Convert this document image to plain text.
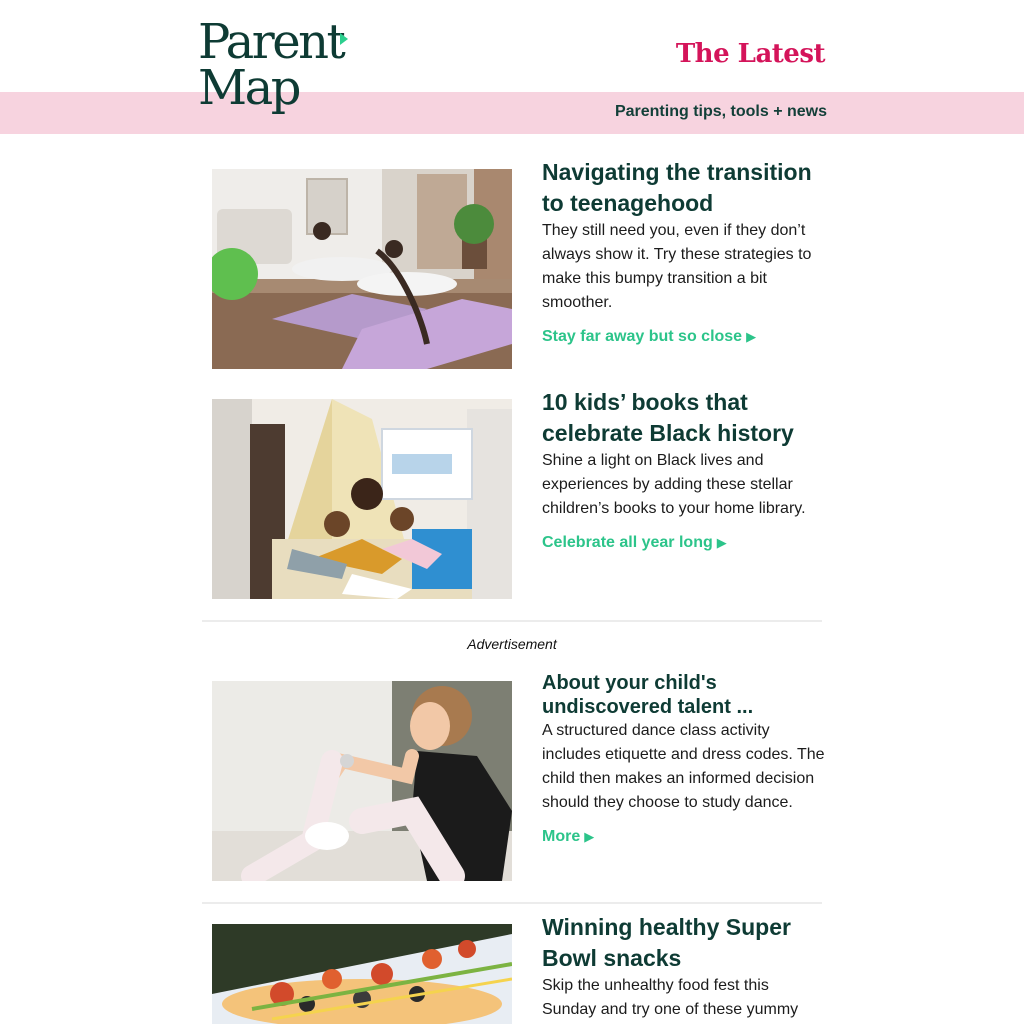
Parent
Map
The Latest
Parenting tips, tools + news
Navigating the transition to teenagehood

They still need you, even if they don’t always show it. Try these strategies to make this bumpy transition a bit smoother.

Stay far away but so close ▶
10 kids’ books that celebrate Black history

Shine a light on Black lives and experiences by adding these stellar children’s books to your home library.

Celebrate all year long ▶
Advertisement
About your child's undiscovered talent ...

A structured dance class activity includes etiquette and dress codes. The child then makes an informed decision should they choose to study dance.

More ▶
Winning healthy Super Bowl snacks

Skip the unhealthy food fest this Sunday and try one of these yummy
